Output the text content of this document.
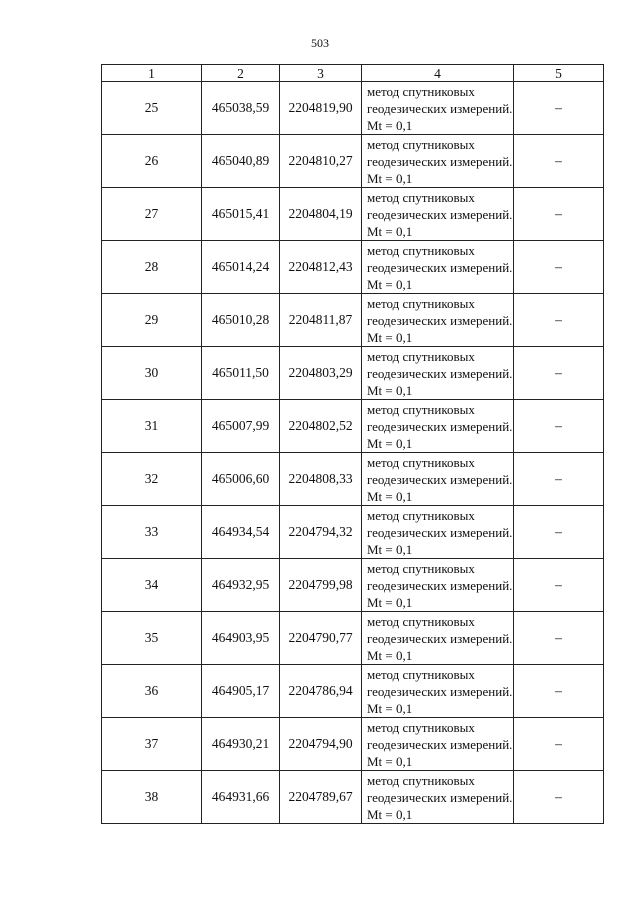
503
1	2	3	4	5
25	465038,59	2204819,90	метод спутниковых геодезических измерений. Mt = 0,1	–
26	465040,89	2204810,27	метод спутниковых геодезических измерений. Mt = 0,1	–
27	465015,41	2204804,19	метод спутниковых геодезических измерений. Mt = 0,1	–
28	465014,24	2204812,43	метод спутниковых геодезических измерений. Mt = 0,1	–
29	465010,28	2204811,87	метод спутниковых геодезических измерений. Mt = 0,1	–
30	465011,50	2204803,29	метод спутниковых геодезических измерений. Mt = 0,1	–
31	465007,99	2204802,52	метод спутниковых геодезических измерений. Mt = 0,1	–
32	465006,60	2204808,33	метод спутниковых геодезических измерений. Mt = 0,1	–
33	464934,54	2204794,32	метод спутниковых геодезических измерений. Mt = 0,1	–
34	464932,95	2204799,98	метод спутниковых геодезических измерений. Mt = 0,1	–
35	464903,95	2204790,77	метод спутниковых геодезических измерений. Mt = 0,1	–
36	464905,17	2204786,94	метод спутниковых геодезических измерений. Mt = 0,1	–
37	464930,21	2204794,90	метод спутниковых геодезических измерений. Mt = 0,1	–
38	464931,66	2204789,67	метод спутниковых геодезических измерений. Mt = 0,1	–
